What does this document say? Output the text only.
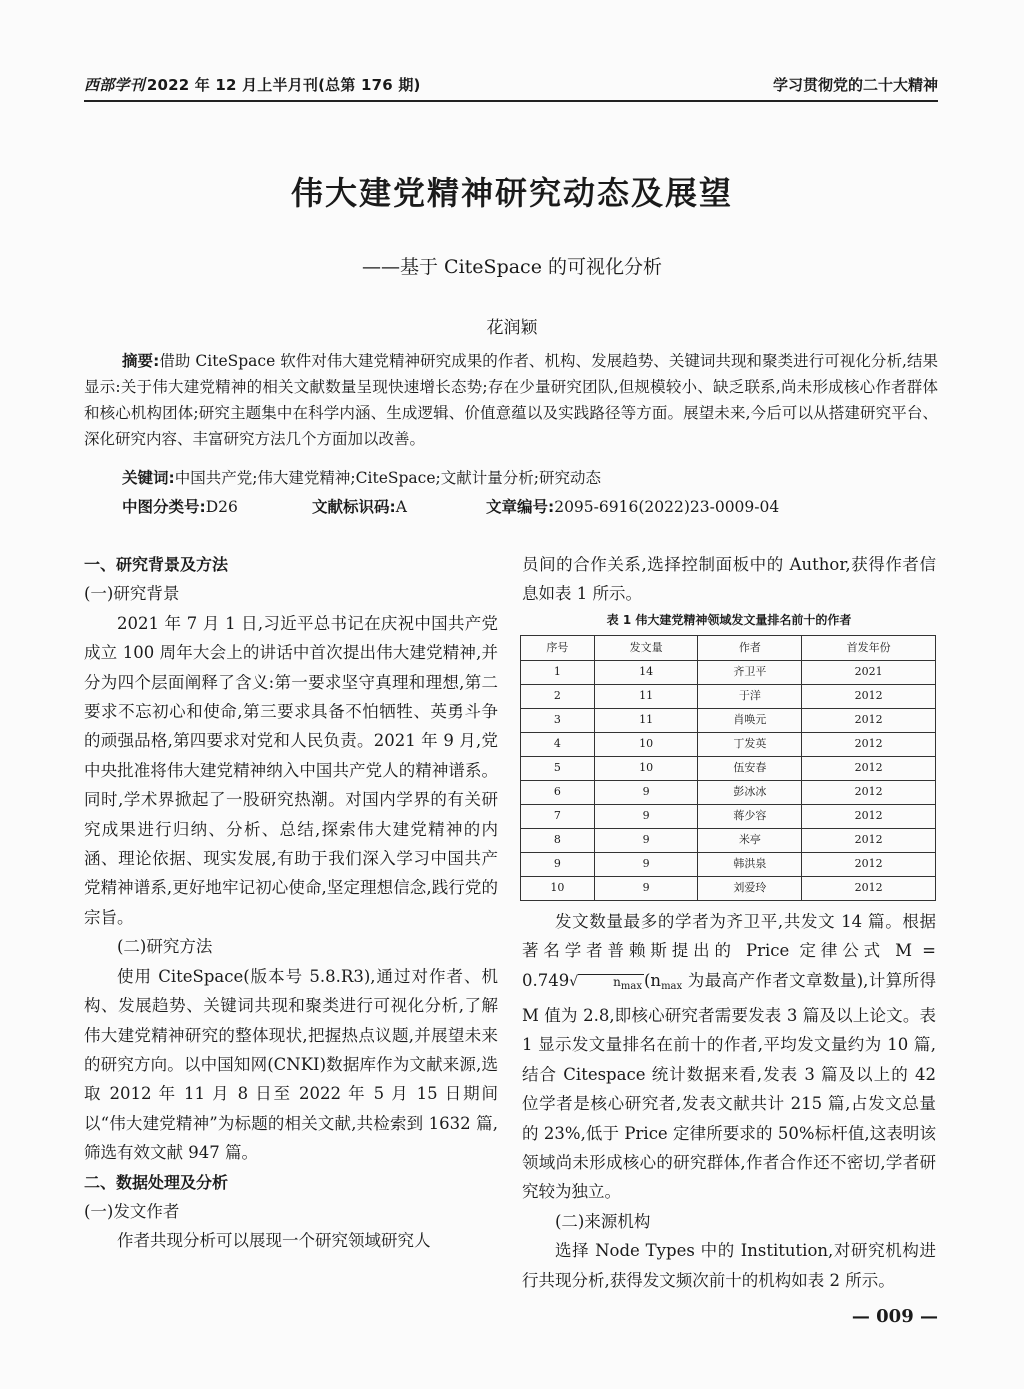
西部学刊 2022 年 12 月上半月刊(总第 176 期)	学习贯彻党的二十大精神
伟大建党精神研究动态及展望
——基于 CiteSpace 的可视化分析
花润颖

摘要:借助 CiteSpace 软件对伟大建党精神研究成果的作者、机构、发展趋势、关键词共现和聚类进行可视化分析,结果显示:关于伟大建党精神的相关文献数量呈现快速增长态势;存在少量研究团队,但规模较小、缺乏联系,尚未形成核心作者群体和核心机构团体;研究主题集中在科学内涵、生成逻辑、价值意蕴以及实践路径等方面。展望未来,今后可以从搭建研究平台、深化研究内容、丰富研究方法几个方面加以改善。

关键词:中国共产党;伟大建党精神;CiteSpace;文献计量分析;研究动态
中图分类号:D26	文献标识码:A	文章编号:2095-6916(2022)23-0009-04

一、研究背景及方法

(一)研究背景

2021 年 7 月 1 日,习近平总书记在庆祝中国共产党成立 100 周年大会上的讲话中首次提出伟大建党精神,并分为四个层面阐释了含义:第一要求坚守真理和理想,第二要求不忘初心和使命,第三要求具备不怕牺牲、英勇斗争的顽强品格,第四要求对党和人民负责。2021 年 9 月,党中央批准将伟大建党精神纳入中国共产党人的精神谱系。同时,学术界掀起了一股研究热潮。对国内学界的有关研究成果进行归纳、分析、总结,探索伟大建党精神的内涵、理论依据、现实发展,有助于我们深入学习中国共产党精神谱系,更好地牢记初心使命,坚定理想信念,践行党的宗旨。

(二)研究方法

使用 CiteSpace(版本号 5.8.R3),通过对作者、机构、发展趋势、关键词共现和聚类进行可视化分析,了解伟大建党精神研究的整体现状,把握热点议题,并展望未来的研究方向。以中国知网(CNKI)数据库作为文献来源,选取 2012 年 11 月 8 日至 2022 年 5 月 15 日期间以“伟大建党精神”为标题的相关文献,共检索到 1632 篇,筛选有效文献 947 篇。

二、数据处理及分析

(一)发文作者

作者共现分析可以展现一个研究领域研究人

员间的合作关系,选择控制面板中的 Author,获得作者信息如表 1 所示。

表 1 伟大建党精神领域发文量排名前十的作者
序号	发文量	作者	首发年份
1	14	齐卫平	2021
2	11	于洋	2012
3	11	肖唤元	2012
4	10	丁发英	2012
5	10	伍安春	2012
6	9	彭冰冰	2012
7	9	蒋少容	2012
8	9	米亭	2012
9	9	韩洪泉	2012
10	9	刘爱玲	2012

发文数量最多的学者为齐卫平,共发文 14 篇。根据著名学者普赖斯提出的 Price 定律公式 M = 0.749√	$n_{max}$ ($n_{max}$ 为最高产作者文章数量),计算所得 M 值为 2.8,即核心研究者需要发表 3 篇及以上论文。表 1 显示发文量排名在前十的作者,平均发文量约为 10 篇,结合 Citespace 统计数据来看,发表 3 篇及以上的 42 位学者是核心研究者,发表文献共计 215 篇,占发文总量的 23%,低于 Price 定律所要求的 50%标杆值,这表明该领域尚未形成核心的研究群体,作者合作还不密切,学者研究较为独立。

(二)来源机构

选择 Node Types 中的 Institution,对研究机构进行共现分析,获得发文频次前十的机构如表 2 所示。

— 009 —
